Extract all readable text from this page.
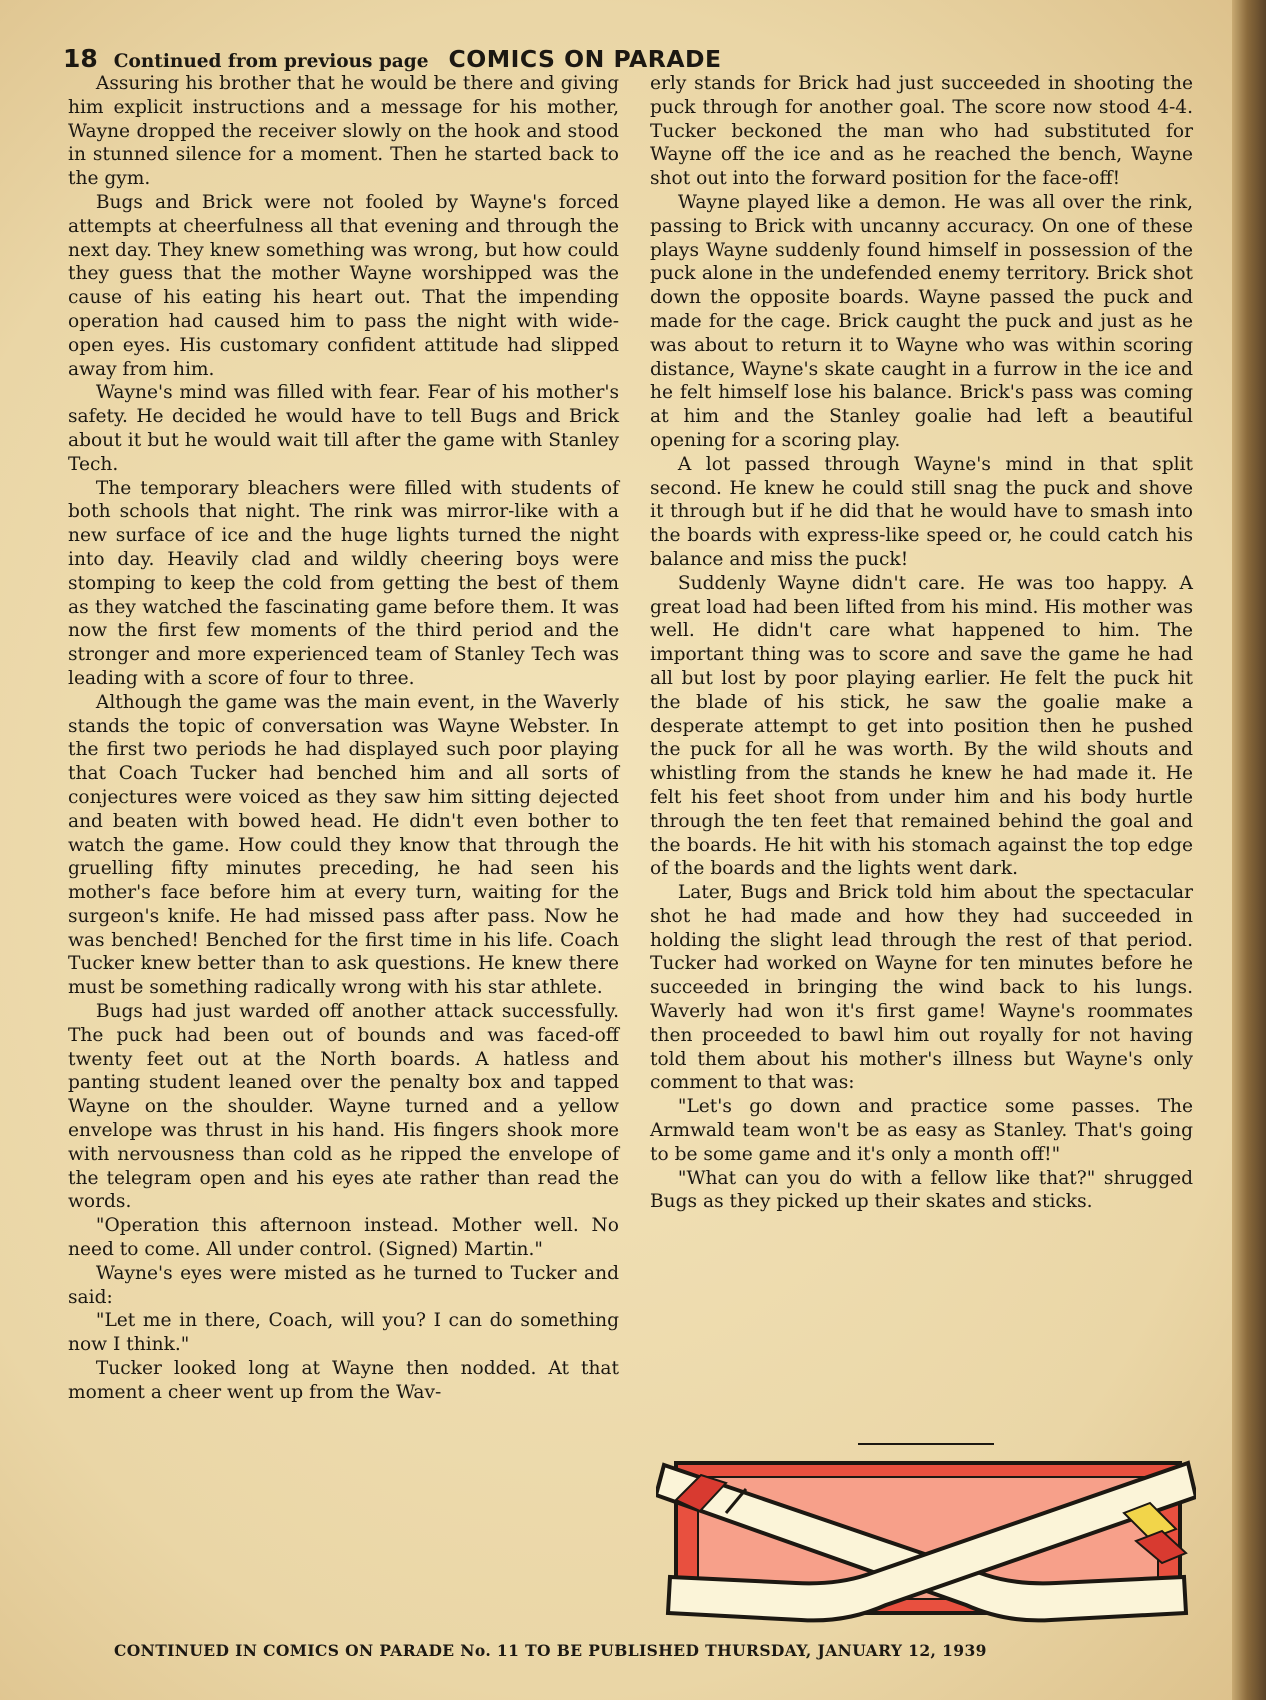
18 Continued from previous page COMICS ON PARADE

Assuring his brother that he would be there and giving him explicit instructions and a message for his mother, Wayne dropped the receiver slowly on the hook and stood in stunned silence for a moment. Then he started back to the gym.

Bugs and Brick were not fooled by Wayne's forced attempts at cheerfulness all that evening and through the next day. They knew something was wrong, but how could they guess that the mother Wayne worshipped was the cause of his eating his heart out. That the impending operation had caused him to pass the night with wide-open eyes. His customary confident attitude had slipped away from him.

Wayne's mind was filled with fear. Fear of his mother's safety. He decided he would have to tell Bugs and Brick about it but he would wait till after the game with Stanley Tech.

The temporary bleachers were filled with students of both schools that night. The rink was mirror-like with a new surface of ice and the huge lights turned the night into day. Heavily clad and wildly cheering boys were stomping to keep the cold from getting the best of them as they watched the fascinating game before them. It was now the first few moments of the third period and the stronger and more experienced team of Stanley Tech was leading with a score of four to three.

Although the game was the main event, in the Waverly stands the topic of conversation was Wayne Webster. In the first two periods he had displayed such poor playing that Coach Tucker had benched him and all sorts of conjectures were voiced as they saw him sitting dejected and beaten with bowed head. He didn't even bother to watch the game. How could they know that through the gruelling fifty minutes preceding, he had seen his mother's face before him at every turn, waiting for the surgeon's knife. He had missed pass after pass. Now he was benched! Benched for the first time in his life. Coach Tucker knew better than to ask questions. He knew there must be something radically wrong with his star athlete.

Bugs had just warded off another attack successfully. The puck had been out of bounds and was faced-off twenty feet out at the North boards. A hatless and panting student leaned over the penalty box and tapped Wayne on the shoulder. Wayne turned and a yellow envelope was thrust in his hand. His fingers shook more with nervousness than cold as he ripped the envelope of the telegram open and his eyes ate rather than read the words.

"Operation this afternoon instead. Mother well. No need to come. All under control. (Signed) Martin."

Wayne's eyes were misted as he turned to Tucker and said:

"Let me in there, Coach, will you? I can do something now I think."

Tucker looked long at Wayne then nodded. At that moment a cheer went up from the Wav-

erly stands for Brick had just succeeded in shooting the puck through for another goal. The score now stood 4-4. Tucker beckoned the man who had substituted for Wayne off the ice and as he reached the bench, Wayne shot out into the forward position for the face-off!

Wayne played like a demon. He was all over the rink, passing to Brick with uncanny accuracy. On one of these plays Wayne suddenly found himself in possession of the puck alone in the undefended enemy territory. Brick shot down the opposite boards. Wayne passed the puck and made for the cage. Brick caught the puck and just as he was about to return it to Wayne who was within scoring distance, Wayne's skate caught in a furrow in the ice and he felt himself lose his balance. Brick's pass was coming at him and the Stanley goalie had left a beautiful opening for a scoring play.

A lot passed through Wayne's mind in that split second. He knew he could still snag the puck and shove it through but if he did that he would have to smash into the boards with express-like speed or, he could catch his balance and miss the puck!

Suddenly Wayne didn't care. He was too happy. A great load had been lifted from his mind. His mother was well. He didn't care what happened to him. The important thing was to score and save the game he had all but lost by poor playing earlier. He felt the puck hit the blade of his stick, he saw the goalie make a desperate attempt to get into position then he pushed the puck for all he was worth. By the wild shouts and whistling from the stands he knew he had made it. He felt his feet shoot from under him and his body hurtle through the ten feet that remained behind the goal and the boards. He hit with his stomach against the top edge of the boards and the lights went dark.

Later, Bugs and Brick told him about the spectacular shot he had made and how they had succeeded in holding the slight lead through the rest of that period. Tucker had worked on Wayne for ten minutes before he succeeded in bringing the wind back to his lungs. Waverly had won it's first game! Wayne's roommates then proceeded to bawl him out royally for not having told them about his mother's illness but Wayne's only comment to that was:

"Let's go down and practice some passes. The Armwald team won't be as easy as Stanley. That's going to be some game and it's only a month off!"

"What can you do with a fellow like that?" shrugged Bugs as they picked up their skates and sticks.

CONTINUED IN COMICS ON PARADE No. 11 TO BE PUBLISHED THURSDAY, JANUARY 12, 1939
